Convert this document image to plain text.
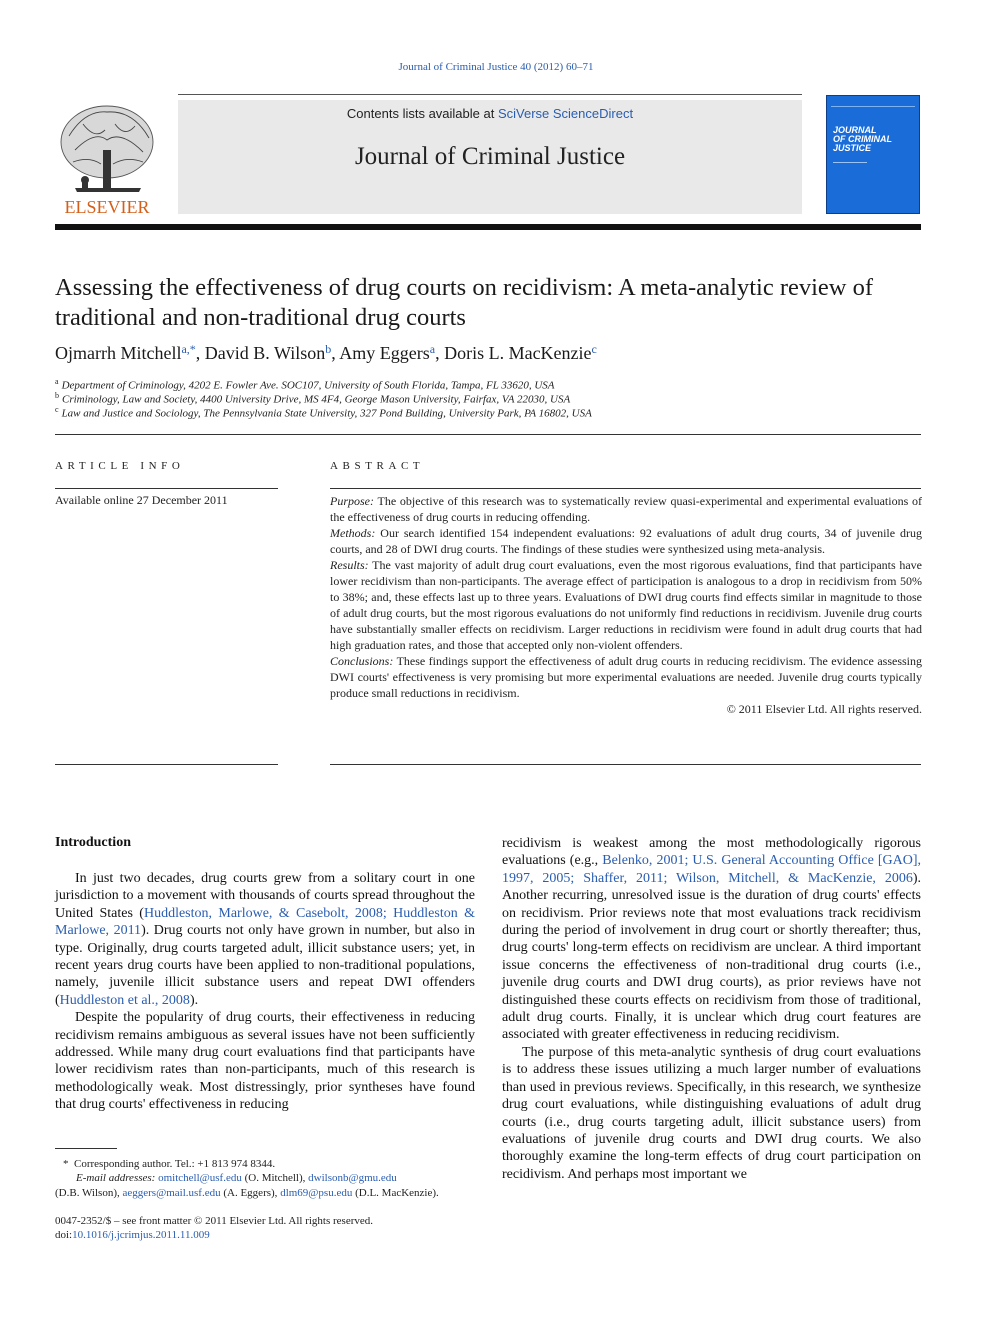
Journal of Criminal Justice 40 (2012) 60–71
ELSEVIER
Contents lists available at SciVerse ScienceDirect
Journal of Criminal Justice
JOURNAL
OF CRIMINAL
JUSTICE
Assessing the effectiveness of drug courts on recidivism: A meta-analytic review of traditional and non-traditional drug courts
Ojmarrh Mitchell$^{a,*}$, David B. Wilson$^b$, Amy Eggers$^a$, Doris L. MacKenzie$^c$
$^a$ Department of Criminology, 4202 E. Fowler Ave. SOC107, University of South Florida, Tampa, FL 33620, USA
$^b$ Criminology, Law and Society, 4400 University Drive, MS 4F4, George Mason University, Fairfax, VA 22030, USA
$^c$ Law and Justice and Sociology, The Pennsylvania State University, 327 Pond Building, University Park, PA 16802, USA
ARTICLE INFO
Available online 27 December 2011
ABSTRACT

Purpose: The objective of this research was to systematically review quasi-experimental and experimental evaluations of the effectiveness of drug courts in reducing offending.

Methods: Our search identified 154 independent evaluations: 92 evaluations of adult drug courts, 34 of juvenile drug courts, and 28 of DWI drug courts. The findings of these studies were synthesized using meta-analysis.

Results: The vast majority of adult drug court evaluations, even the most rigorous evaluations, find that participants have lower recidivism than non-participants. The average effect of participation is analogous to a drop in recidivism from 50% to 38%; and, these effects last up to three years. Evaluations of DWI drug courts find effects similar in magnitude to those of adult drug courts, but the most rigorous evaluations do not uniformly find reductions in recidivism. Juvenile drug courts have substantially smaller effects on recidivism. Larger reductions in recidivism were found in adult drug courts that had high graduation rates, and those that accepted only non-violent offenders.

Conclusions: These findings support the effectiveness of adult drug courts in reducing recidivism. The evidence assessing DWI courts' effectiveness is very promising but more experimental evaluations are needed. Juvenile drug courts typically produce small reductions in recidivism.

© 2011 Elsevier Ltd. All rights reserved.

Introduction

In just two decades, drug courts grew from a solitary court in one jurisdiction to a movement with thousands of courts spread throughout the United States (Huddleston, Marlowe, & Casebolt, 2008; Huddleston & Marlowe, 2011). Drug courts not only have grown in number, but also in type. Originally, drug courts targeted adult, illicit substance users; yet, in recent years drug courts have been applied to non-traditional populations, namely, juvenile illicit substance users and repeat DWI offenders (Huddleston et al., 2008).

Despite the popularity of drug courts, their effectiveness in reducing recidivism remains ambiguous as several issues have not been sufficiently addressed. While many drug court evaluations find that participants have lower recidivism rates than non-participants, much of this research is methodologically weak. Most distressingly, prior syntheses have found that drug courts' effectiveness in reducing

recidivism is weakest among the most methodologically rigorous evaluations (e.g., Belenko, 2001; U.S. General Accounting Office [GAO], 1997, 2005; Shaffer, 2011; Wilson, Mitchell, & MacKenzie, 2006). Another recurring, unresolved issue is the duration of drug courts' effects on recidivism. Prior reviews note that most evaluations track recidivism during the period of involvement in drug court or shortly thereafter; thus, drug courts' long-term effects on recidivism are unclear. A third important issue concerns the effectiveness of non-traditional drug courts (i.e., juvenile drug courts and DWI drug courts), as prior reviews have not distinguished these courts effects on recidivism from those of traditional, adult drug courts. Finally, it is unclear which drug court features are associated with greater effectiveness in reducing recidivism.

The purpose of this meta-analytic synthesis of drug court evaluations is to address these issues utilizing a much larger number of evaluations than used in previous reviews. Specifically, in this research, we synthesize drug court evaluations, while distinguishing evaluations of adult drug courts (i.e., drug courts targeting adult, illicit substance users) from evaluations of juvenile drug courts and DWI drug courts. We also thoroughly examine the long-term effects of drug court participation on recidivism. And perhaps most important we

* Corresponding author. Tel.: +1 813 974 8344.
E-mail addresses: omitchell@usf.edu (O. Mitchell), dwilsonb@gmu.edu
(D.B. Wilson), aeggers@mail.usf.edu (A. Eggers), dlm69@psu.edu (D.L. MacKenzie).
0047-2352/$ – see front matter © 2011 Elsevier Ltd. All rights reserved.
doi:10.1016/j.jcrimjus.2011.11.009
